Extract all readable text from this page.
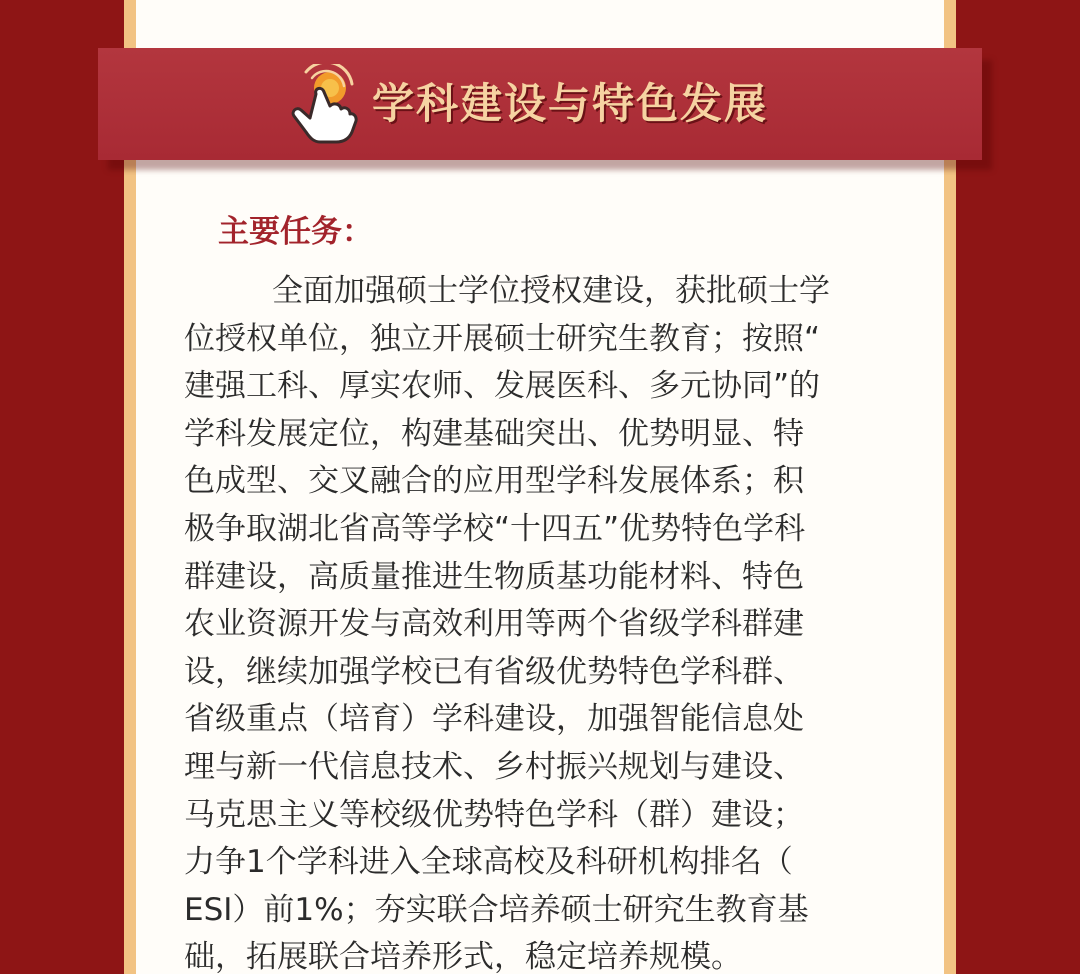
学科建设与特色发展
主要任务：
全面加强硕士学位授权建设，获批硕士学
位授权单位，独立开展硕士研究生教育；按照“
建强工科、厚实农师、发展医科、多元协同”的
学科发展定位，构建基础突出、优势明显、特
色成型、交叉融合的应用型学科发展体系；积
极争取湖北省高等学校“十四五”优势特色学科
群建设，高质量推进生物质基功能材料、特色
农业资源开发与高效利用等两个省级学科群建
设，继续加强学校已有省级优势特色学科群、
省级重点（培育）学科建设，加强智能信息处
理与新一代信息技术、乡村振兴规划与建设、
马克思主义等校级优势特色学科（群）建设；
力争1个学科进入全球高校及科研机构排名（
ESI）前1%；夯实联合培养硕士研究生教育基
础，拓展联合培养形式，稳定培养规模。
